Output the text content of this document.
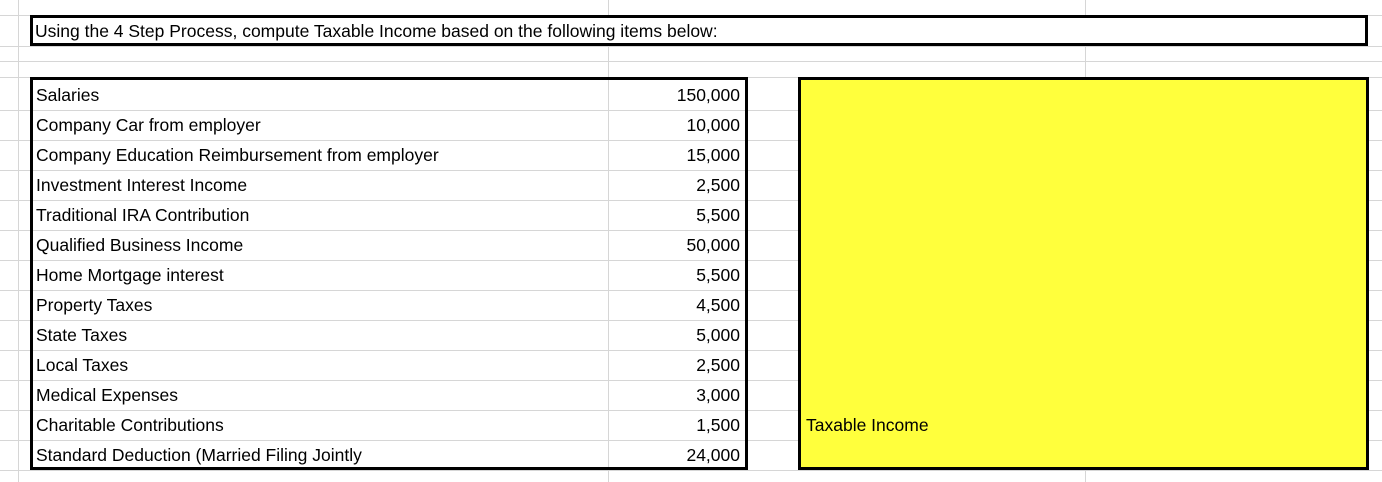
Using the 4 Step Process, compute Taxable Income based on the following items below:
Salaries	150,000
Company Car from employer	10,000
Company Education Reimbursement from employer	15,000
Investment Interest Income	2,500
Traditional IRA Contribution	5,500
Qualified Business Income	50,000
Home Mortgage interest	5,500
Property Taxes	4,500
State Taxes	5,000
Local Taxes	2,500
Medical Expenses	3,000
Charitable Contributions	1,500
Standard Deduction (Married Filing Jointly	24,000
Taxable Income
